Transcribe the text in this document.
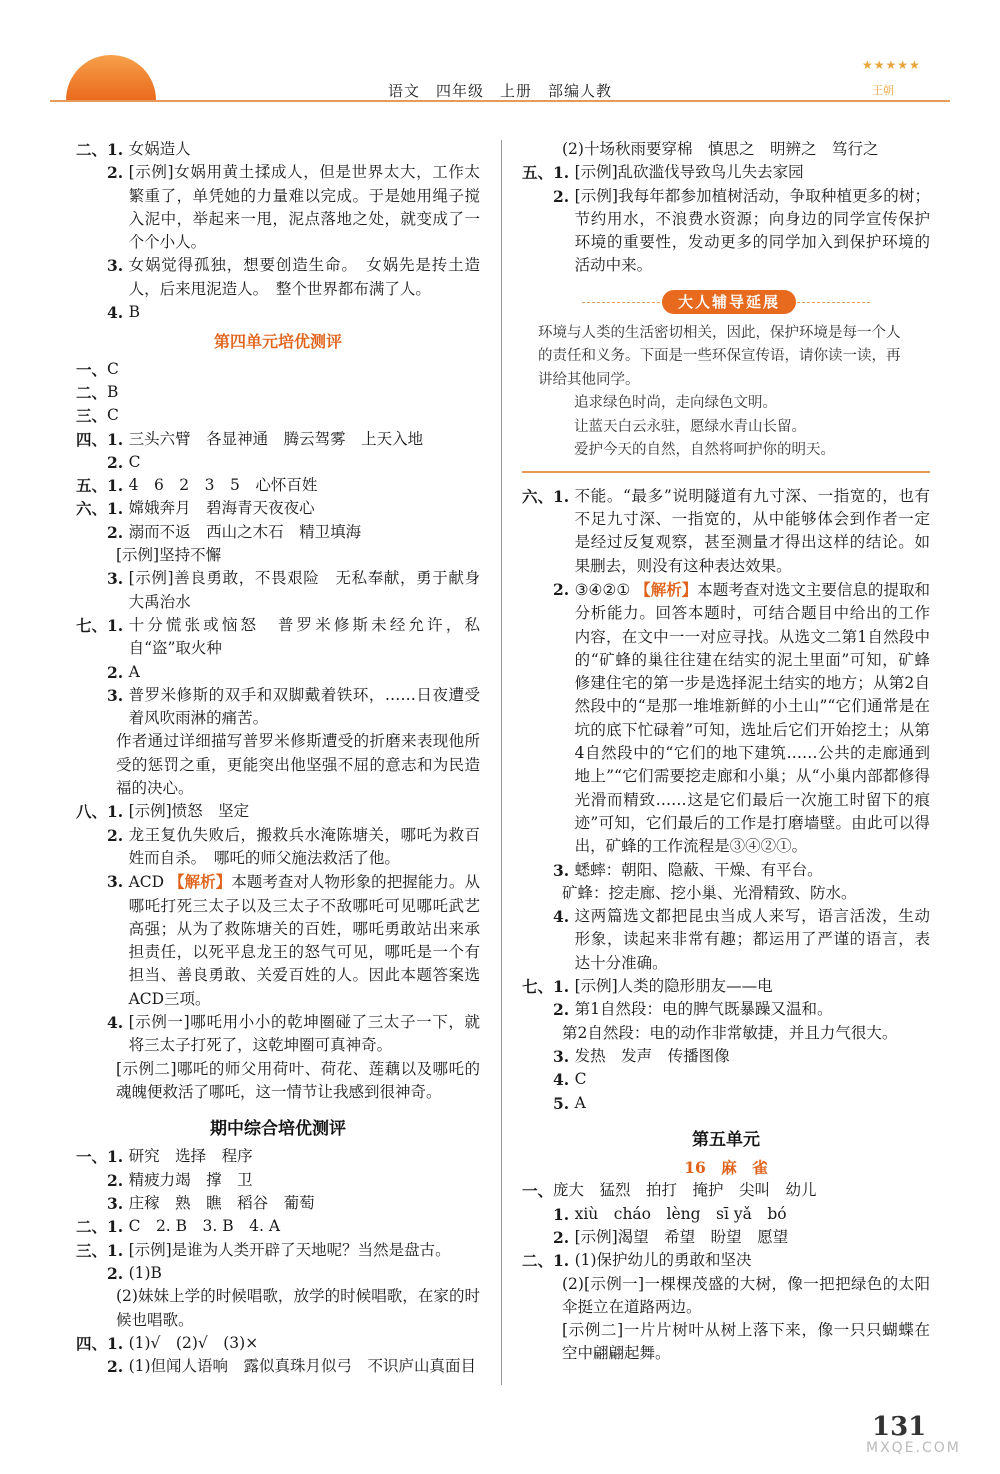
语文　四年级　上册　部编人教
★★★★★
王朝
二、1. 女娲造人
　　2. [示例]女娲用黄土揉成人，但是世界太大，工作太繁重了，单凭她的力量难以完成。于是她用绳子搅入泥中，举起来一甩，泥点落地之处，就变成了一个个小人。
　　3. 女娲觉得孤独，想要创造生命。　女娲先是抟土造人，后来甩泥造人。　整个世界都布满了人。
　　4. B
第四单元培优测评
一、 C
二、 B
三、 C
四、1. 三头六臂　各显神通　腾云驾雾　上天入地
　　2. C
五、1. 4　6　2　3　5　心怀百姓
六、1. 嫦娥奔月　碧海青天夜夜心
　　2. 溺而不返　西山之木石　精卫填海
[示例]坚持不懈
　　3. [示例]善良勇敢，不畏艰险　无私奉献，勇于献身　大禹治水
七、1. 十分慌张或恼怒　普罗米修斯未经允许，私自“盗”取火种
　　2. A
　　3. 普罗米修斯的双手和双脚戴着铁环，……日夜遭受着风吹雨淋的痛苦。
作者通过详细描写普罗米修斯遭受的折磨来表现他所受的惩罚之重，更能突出他坚强不屈的意志和为民造福的决心。
八、1. [示例]愤怒　坚定
　　2. 龙王复仇失败后，搬救兵水淹陈塘关，哪吒为救百姓而自杀。　哪吒的师父施法救活了他。
　　3. ACD 【解析】本题考查对人物形象的把握能力。从哪吒打死三太子以及三太子不敌哪吒可见哪吒武艺高强；从为了救陈塘关的百姓，哪吒勇敢站出来承担责任，以死平息龙王的怒气可见，哪吒是一个有担当、善良勇敢、关爱百姓的人。因此本题答案选ACD三项。
　　4. [示例一]哪吒用小小的乾坤圈碰了三太子一下，就将三太子打死了，这乾坤圈可真神奇。
[示例二]哪吒的师父用荷叶、荷花、莲藕以及哪吒的魂魄便救活了哪吒，这一情节让我感到很神奇。
期中综合培优测评
一、1. 研究　选择　程序
　　2. 精疲力竭　撑　卫
　　3. 庄稼　熟　瞧　稻谷　葡萄
二、1. C　2. B　3. B　4. A
三、1. [示例]是谁为人类开辟了天地呢？当然是盘古。
　　2. (1)B
(2)妹妹上学的时候唱歌，放学的时候唱歌，在家的时候也唱歌。
四、1. (1)√　(2)√　(3)×
　　2. (1)但闻人语响　露似真珠月似弓　不识庐山真面目
(2)十场秋雨要穿棉　慎思之　明辨之　笃行之
五、1. [示例]乱砍滥伐导致鸟儿失去家园
　　2. [示例]我每年都参加植树活动，争取种植更多的树；节约用水，不浪费水资源；向身边的同学宣传保护环境的重要性，发动更多的同学加入到保护环境的活动中来。
大人辅导延展
环境与人类的生活密切相关，因此，保护环境是每一个人的责任和义务。下面是一些环保宣传语，请你读一读，再讲给其他同学。
追求绿色时尚，走向绿色文明。
让蓝天白云永驻，愿绿水青山长留。
爱护今天的自然，自然将呵护你的明天。
六、1. 不能。“最多”说明隧道有九寸深、一指宽的，也有不足九寸深、一指宽的，从中能够体会到作者一定是经过反复观察，甚至测量才得出这样的结论。如果删去，则没有这种表达效果。
　　2. ③④②① 【解析】本题考查对选文主要信息的提取和分析能力。回答本题时，可结合题目中给出的工作内容，在文中一一对应寻找。从选文二第1自然段中的“矿蜂的巢往往建在结实的泥土里面”可知，矿蜂修建住宅的第一步是选择泥土结实的地方；从第2自然段中的“是那一堆堆新鲜的小土山”“它们通常是在坑的底下忙碌着”可知，选址后它们开始挖土；从第4自然段中的“它们的地下建筑……公共的走廊通到地上”“它们需要挖走廊和小巢；从“小巢内部都修得光滑而精致……这是它们最后一次施工时留下的痕迹”可知，它们最后的工作是打磨墙壁。由此可以得出，矿蜂的工作流程是③④②①。
　　3. 蟋蟀：朝阳、隐蔽、干燥、有平台。
矿蜂：挖走廊、挖小巢、光滑精致、防水。
　　4. 这两篇选文都把昆虫当成人来写，语言活泼，生动形象，读起来非常有趣；都运用了严谨的语言，表达十分准确。
七、1. [示例]人类的隐形朋友——电
　　2. 第1自然段：电的脾气既暴躁又温和。
第2自然段：电的动作非常敏捷，并且力气很大。
　　3. 发热　发声　传播图像
　　4. C
　　5. A
第五单元
16　麻　雀
一、 庞大　猛烈　拍打　掩护　尖叫　幼儿
　　1. xiù　cháo　lèng　sī yǎ　bó
　　2. [示例]渴望　希望　盼望　愿望
二、1. (1)保护幼儿的勇敢和坚决
(2)[示例一]一棵棵茂盛的大树，像一把把绿色的太阳伞挺立在道路两边。
[示例二]一片片树叶从树上落下来，像一只只蝴蝶在空中翩翩起舞。
131
MXQE.COM
